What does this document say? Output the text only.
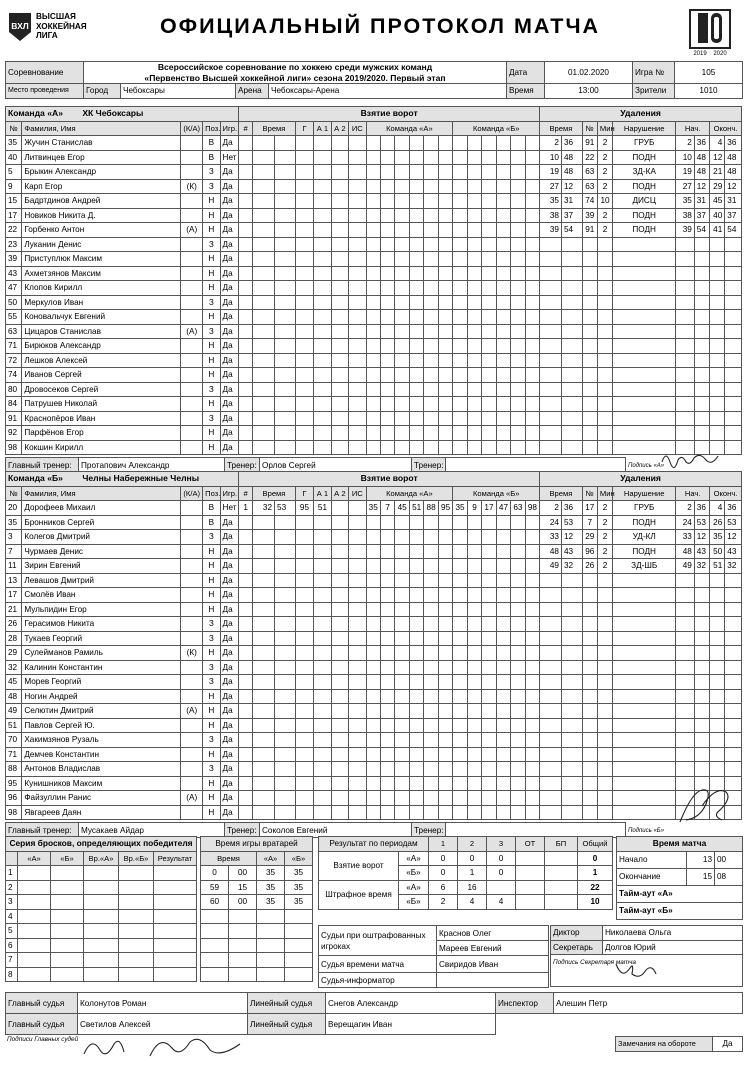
ВХЛ
ВЫСШАЯ
ХОККЕЙНАЯ
ЛИГА	ОФИЦИАЛЬНЫЙ ПРОТОКОЛ МАТЧА
2019 2020
Соревнование	
Всероссийское соревнование по хоккею среди мужских команд
«Первенство Высшей хоккейной лиги» сезона 2019/2020. Первый этап	Дата	01.02.2020	Игра №	105
Место проведения	Город	Чебоксары	Арена	Чебоксары-Арена	Время	13:00	Зрители	1010
Команда «А» ХК Чебоксары					Взятие ворот																			Удаления								
№	Фамилия, Имя	(К/А)	Поз.	Игр.	#	Время		Г	А 1	А 2	ИС	Команда «А»						Команда «Б»						Время		№	Мин	Нарушение	Нач.		Оконч.	
35	Жучин Станислав		В	Да																				2	36	91	2	ГРУБ	2	36	4	36
40	Литвинцев Егор		В	Нет																				10	48	22	2	ПОДН	10	48	12	48
5	Брыкин Александр		З	Да																				19	48	63	2	ЗД-КА	19	48	21	48
9	Карп Егор	(К)	З	Да																				27	12	63	2	ПОДН	27	12	29	12
15	Бадртдинов Андрей		Н	Да																				35	31	74	10	ДИСЦ	35	31	45	31
17	Новиков Никита Д.		Н	Да																				38	37	39	2	ПОДН	38	37	40	37
22	Горбенко Антон	(А)	Н	Да																				39	54	91	2	ПОДН	39	54	41	54
23	Луканин Денис		З	Да																												
39	Приступлюк Максим		Н	Да																												
43	Ахметзянов Максим		Н	Да																												
47	Клопов Кирилл		Н	Да																												
50	Меркулов Иван		З	Да																												
55	Коновальчук Евгений		Н	Да																												
63	Цицаров Станислав	(А)	З	Да																												
71	Бирюков Александр		Н	Да																												
72	Лешков Алексей		Н	Да																												
74	Иванов Сергей		Н	Да																												
80	Дровосеков Сергей		З	Да																												
84	Патрушев Николай		Н	Да																												
91	Краснопёров Иван		З	Да																												
92	Парфёнов Егор		Н	Да																												
98	Кокшин Кирилл		Н	Да																												
Главный тренер:	Протапович Александр	Тренер:	Орлов Сергей	Тренер:		Подпись «А»
Команда «Б» Челны Набережные Челны					Взятие ворот																			Удаления								
№	Фамилия, Имя	(К/А)	Поз.	Игр.	#	Время		Г	А 1	А 2	ИС	Команда «А»						Команда «Б»						Время		№	Мин	Нарушение	Нач.		Оконч.	
20	Дорофеев Михаил		В	Нет	1	32	53	95	51			35	7	45	51	88	95	35	9	17	47	63	98	2	36	17	2	ГРУБ	2	36	4	36
35	Бронников Сергей		В	Да																				24	53	7	2	ПОДН	24	53	26	53
3	Колегов Дмитрий		З	Да																				33	12	29	2	УД-КЛ	33	12	35	12
7	Чурмаев Денис		Н	Да																				48	43	96	2	ПОДН	48	43	50	43
11	Зирин Евгений		Н	Да																				49	32	26	2	ЗД-ШБ	49	32	51	32
13	Левашов Дмитрий		Н	Да																												
17	Смолёв Иван		Н	Да																												
21	Мульпидин Егор		Н	Да																												
26	Герасимов Никита		З	Да																												
28	Тукаев Георгий		З	Да																												
29	Сулейманов Рамиль	(К)	Н	Да																												
32	Калинин Константин		З	Да																												
45	Морев Георгий		З	Да																												
48	Ногин Андрей		Н	Да																												
49	Селютин Дмитрий	(А)	Н	Да																												
51	Павлов Сергей Ю.		Н	Да																												
70	Хакимзянов Рузаль		З	Да																												
71	Демчев Константин		Н	Да																												
88	Антонов Владислав		З	Да																												
95	Кунишников Максим		Н	Да																												
96	Файзуллин Ранис	(А)	Н	Да																												
98	Явгареев Даян		Н	Да																												
Главный тренер:	Мусакаев Айдар	Тренер:	Соколов Евгений	Тренер:		Подпись «Б»
Серия бросков, определяющих победителя					
	«А»	«Б»	Вр.«А»	Вр.«Б»	Результат
1					
2					
3					
4					
5					
6					
7					
8					
Время игры вратарей			
Время		«А»	«Б»
0	00	35	35
59	15	35	35
60	00	35	35

Результат по периодам		1	2	3	ОТ	БП	Общий
Взятие ворот	«А»	0	0	0			0
	«Б»	0	1	0			1
Штрафное время	«А»	6	16				22
	«Б»	2	4	4			10
Время матча		
Начало	13	00
Окончание	15	08
Тайм-аут «А»		
Тайм-аут «Б»		
Судьи при оштрафованных игроках	Краснов Олег
	Мареев Евгений
Судья времени матча	Свиридов Иван
Судья-информатор	
Диктор	Николаева Ольга
Секретарь	Долгов Юрий
Подпись Секретаря матча	
Главный судья	Колонутов Роман	Линейный судья	Снегов Александр	Инспектор	Алешин Петр
Главный судья	Светилов Алексей	Линейный судья	Верещагин Иван		
Подписи Главных судей	Замечания на обороте	Да
